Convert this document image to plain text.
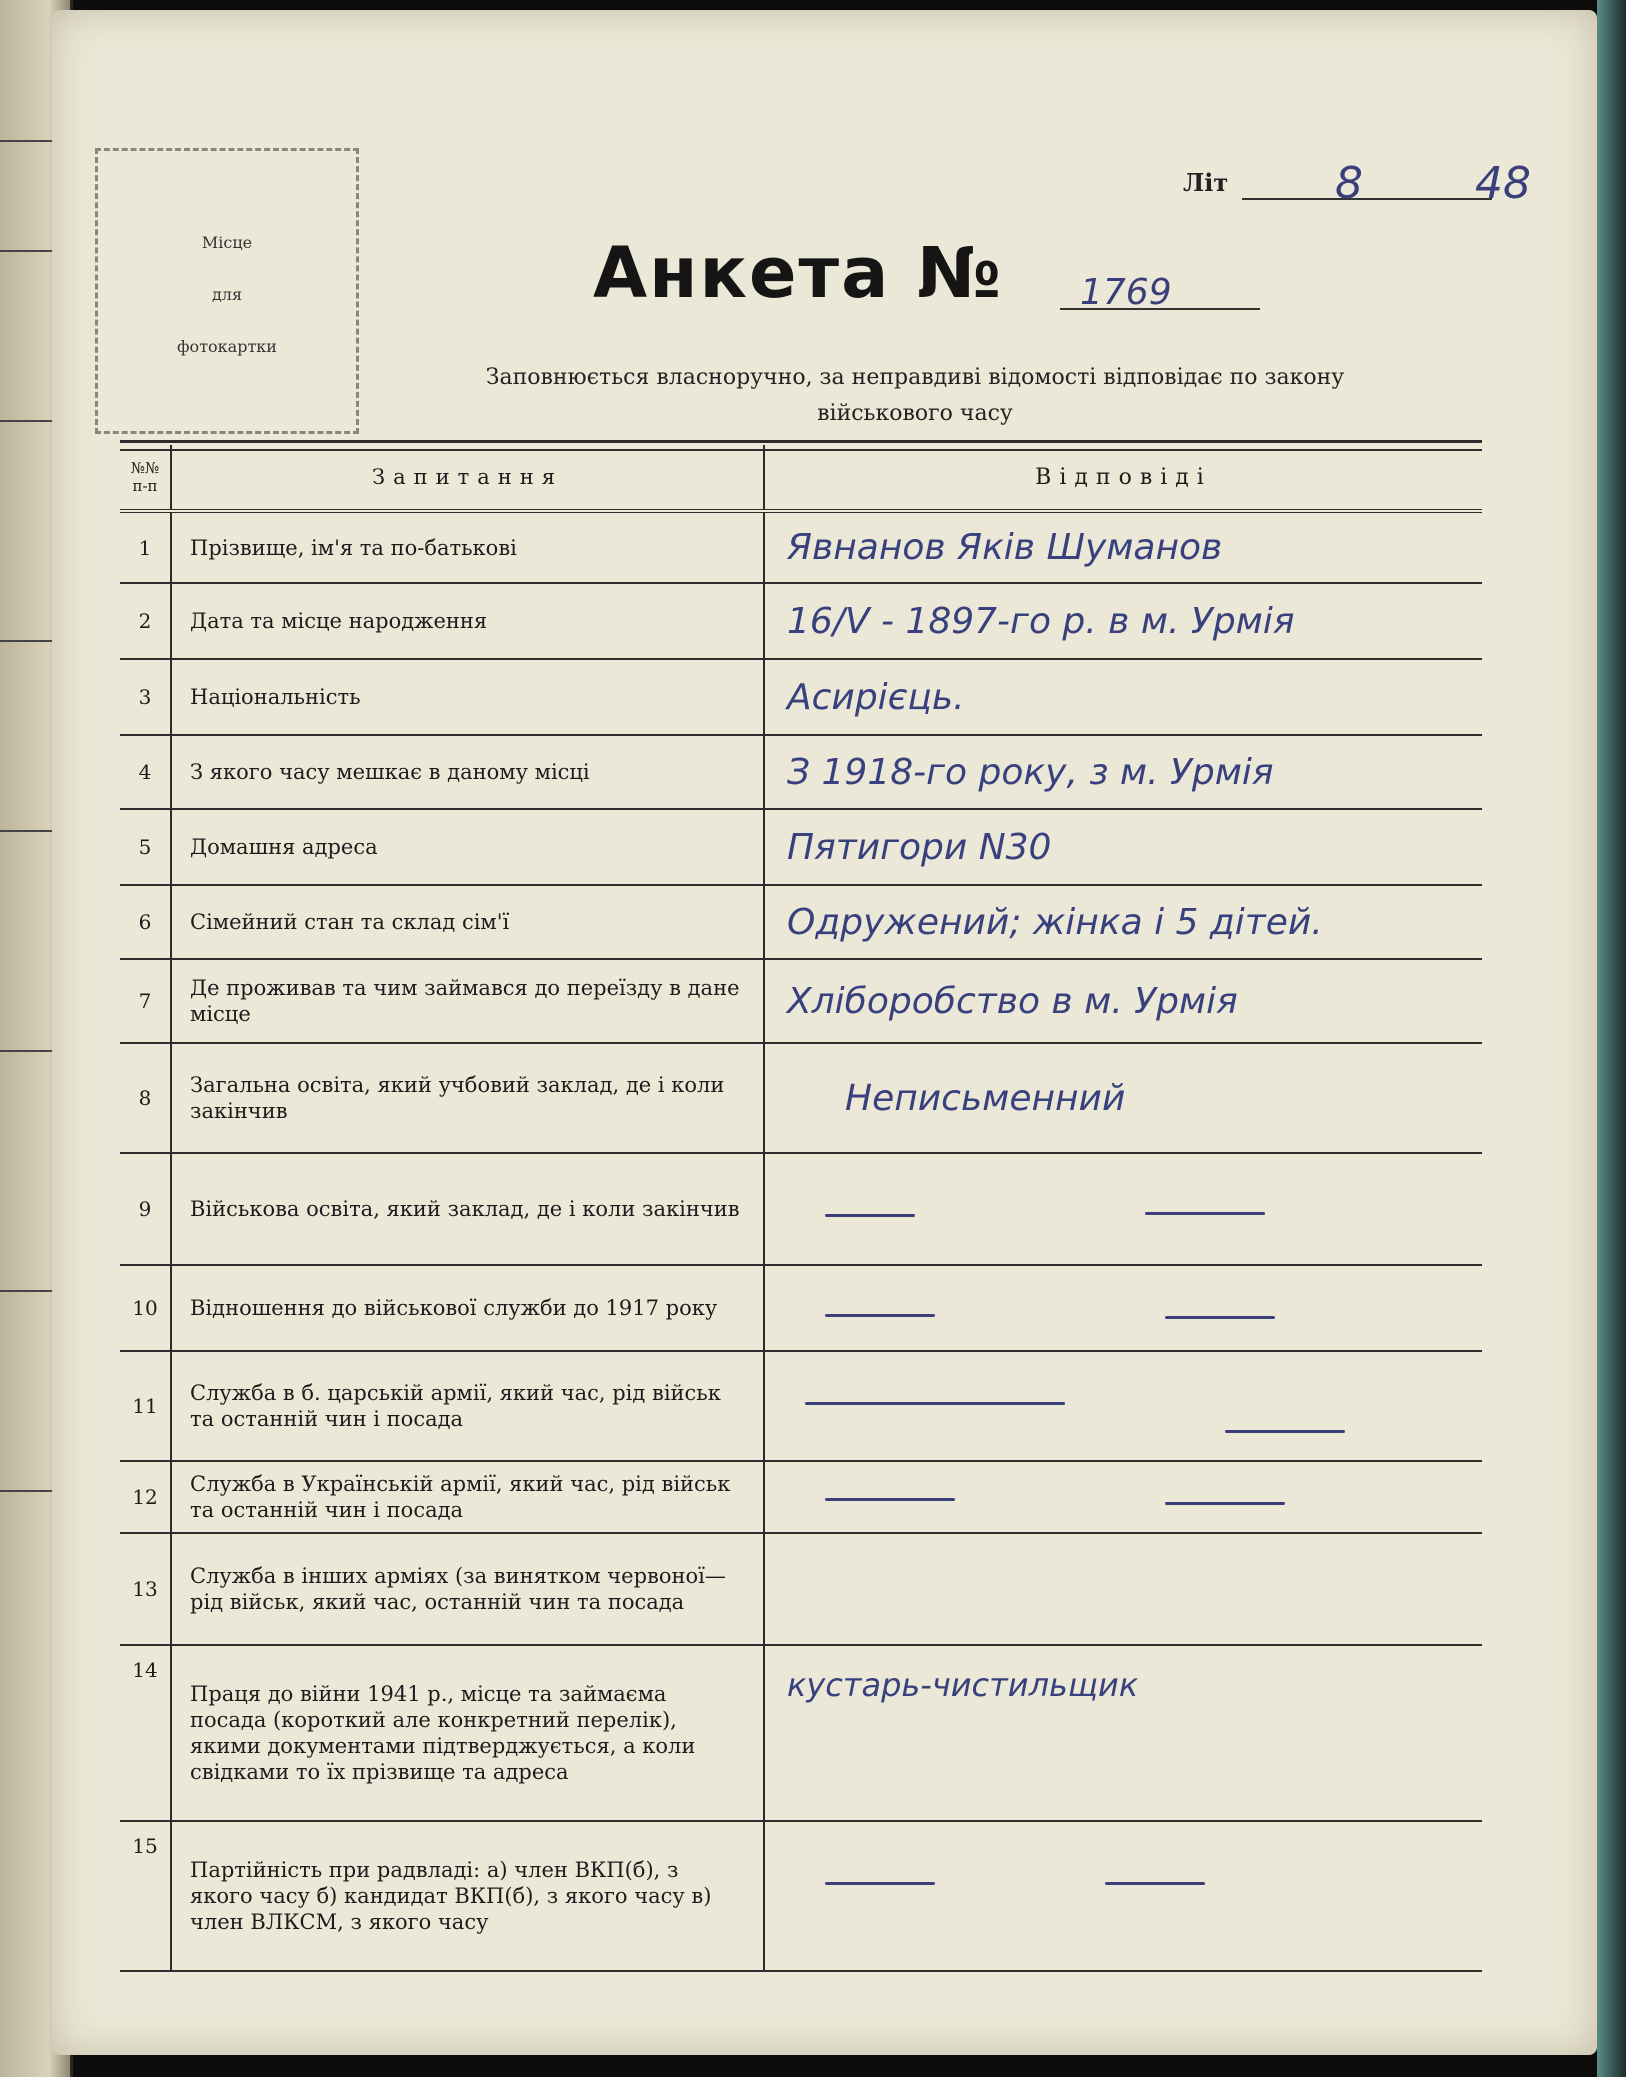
Місце
для
фотокартки
Літ 8	48
Анкета № 1769
Заповнюється власноручно, за неправдиві відомості відповідає по закону
військового часу
№№ п-п	Запитання	Відповіді
1	Прізвище, ім'я та по-батькові	Явнанов Яків Шуманов
2	Дата та місце народження	16/V - 1897-го р. в м. Урмія
3	Національність	Асирієць.
4	З якого часу мешкає в даному місці	З 1918-го року, з м. Урмія
5	Домашня адреса	Пятигори N30
6	Сімейний стан та склад сім'ї	Одружений; жінка і 5 дітей.
7	Де проживав та чим займався до переїзду в дане місце	Хліборобство в м. Урмія
8	Загальна освіта, який учбовий заклад, де і коли закінчив	Неписьменний
9	Військова освіта, який заклад, де і коли закінчив	

10	Відношення до військової служби до 1917 року	

11	Служба в б. царській армії, який час, рід військ та останній чин і посада	

12	Служба в Українській армії, який час, рід військ та останній чин і посада	

13	Служба в інших арміях (за винятком червоної—рід військ, який час, останній чин та посада	
14	Праця до війни 1941 р., місце та займаєма посада (короткий але конкретний перелік), якими документами підтверджується, а коли свідками то їх прізвище та адреса	кустарь-чистильщик
15	Партійність при радвладі: а) член ВКП(б), з якого часу б) кандидат ВКП(б), з якого часу в) член ВЛКСМ, з якого часу	
